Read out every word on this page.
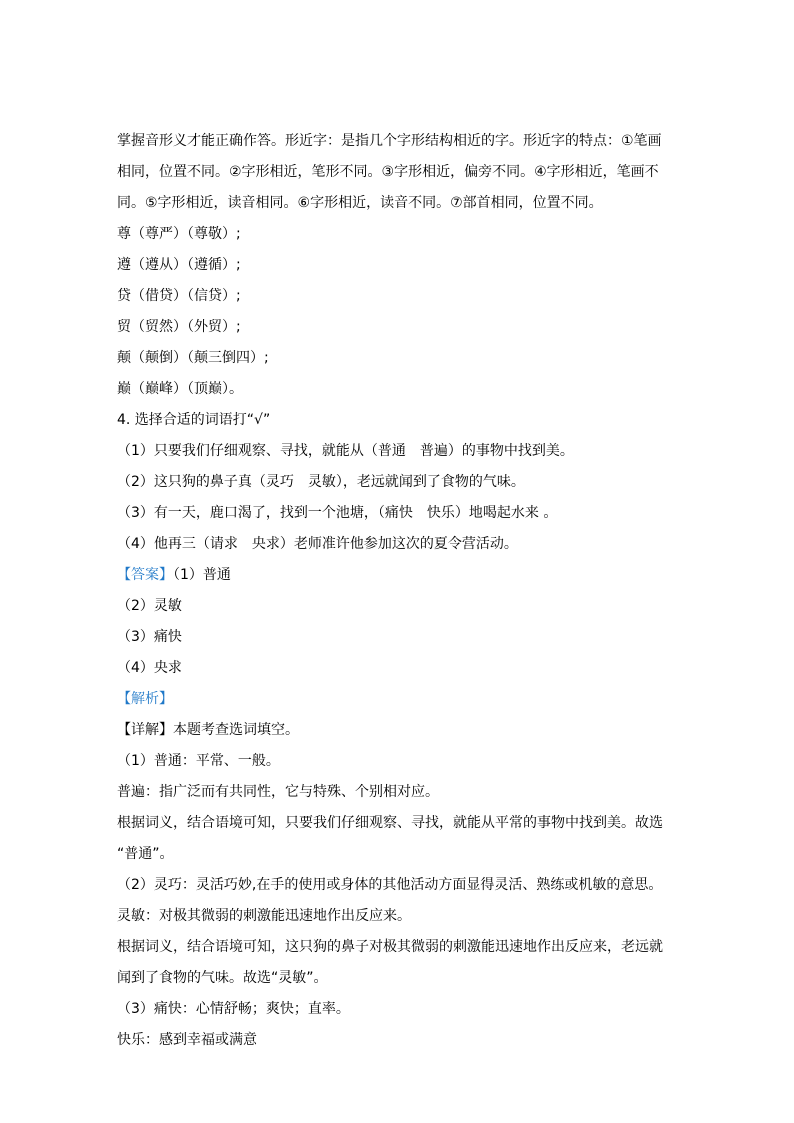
掌握音形义才能正确作答。形近字：是指几个字形结构相近的字。形近字的特点：①笔画
相同，位置不同。②字形相近，笔形不同。③字形相近，偏旁不同。④字形相近，笔画不
同。⑤字形相近，读音相同。⑥字形相近，读音不同。⑦部首相同，位置不同。
尊（尊严）（尊敬）;
遵（遵从）（遵循）;
贷（借贷）（信贷）;
贸（贸然）（外贸）;
颠（颠倒）（颠三倒四）;
巅（巅峰）（顶巅）。
4. 选择合适的词语打“√”
（1）只要我们仔细观察、寻找，就能从（普通　普遍）的事物中找到美。
（2）这只狗的鼻子真（灵巧　灵敏），老远就闻到了食物的气味。
（3）有一天，鹿口渴了，找到一个池塘，（痛快　快乐）地喝起水来 。
（4）他再三（请求　央求）老师准许他参加这次的夏令营活动。
【答案】（1）普通
（2）灵敏
（3）痛快
（4）央求
【解析】
【详解】本题考查选词填空。
（1）普通：平常、一般。
普遍：指广泛而有共同性，它与特殊、个别相对应。
根据词义，结合语境可知，只要我们仔细观察、寻找，就能从平常的事物中找到美。故选
“普通”。
（2）灵巧：灵活巧妙,在手的使用或身体的其他活动方面显得灵活、熟练或机敏的意思。
灵敏：对极其微弱的刺激能迅速地作出反应来。
根据词义，结合语境可知，这只狗的鼻子对极其微弱的刺激能迅速地作出反应来，老远就
闻到了食物的气味。故选“灵敏”。
（3）痛快：心情舒畅；爽快；直率。
快乐：感到幸福或满意
